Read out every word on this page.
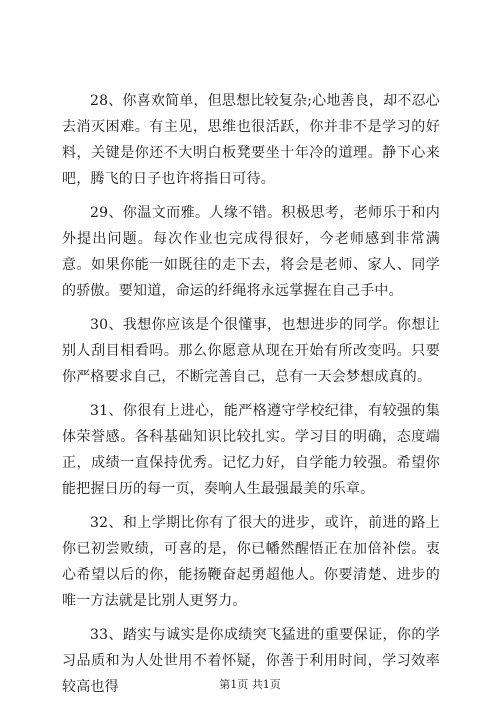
28、你喜欢简单，但思想比较复杂;心地善良，却不忍心去消灭困难。有主见，思维也很活跃，你并非不是学习的好料，关键是你还不大明白板凳要坐十年冷的道理。静下心来吧，腾飞的日子也许将指日可待。

29、你温文而雅。人缘不错。积极思考，老师乐于和内外提出问题。每次作业也完成得很好，今老师感到非常满意。如果你能一如既往的走下去，将会是老师、家人、同学的骄傲。要知道，命运的纤绳将永远掌握在自己手中。

30、我想你应该是个很懂事，也想进步的同学。你想让别人刮目相看吗。那么你愿意从现在开始有所改变吗。只要你严格要求自己，不断完善自己，总有一天会梦想成真的。

31、你很有上进心，能严格遵守学校纪律，有较强的集体荣誉感。各科基础知识比较扎实。学习目的明确，态度端正，成绩一直保持优秀。记忆力好，自学能力较强。希望你能把握日历的每一页，奏响人生最强最美的乐章。

32、和上学期比你有了很大的进步，或许，前进的路上你已初尝败绩，可喜的是，你已幡然醒悟正在加倍补偿。衷心希望以后的你，能扬鞭奋起勇超他人。你要清楚、进步的唯一方法就是比别人更努力。

33、踏实与诚实是你成绩突飞猛进的重要保证，你的学习品质和为人处世用不着怀疑，你善于利用时间，学习效率较高也得	第1页 共1页
